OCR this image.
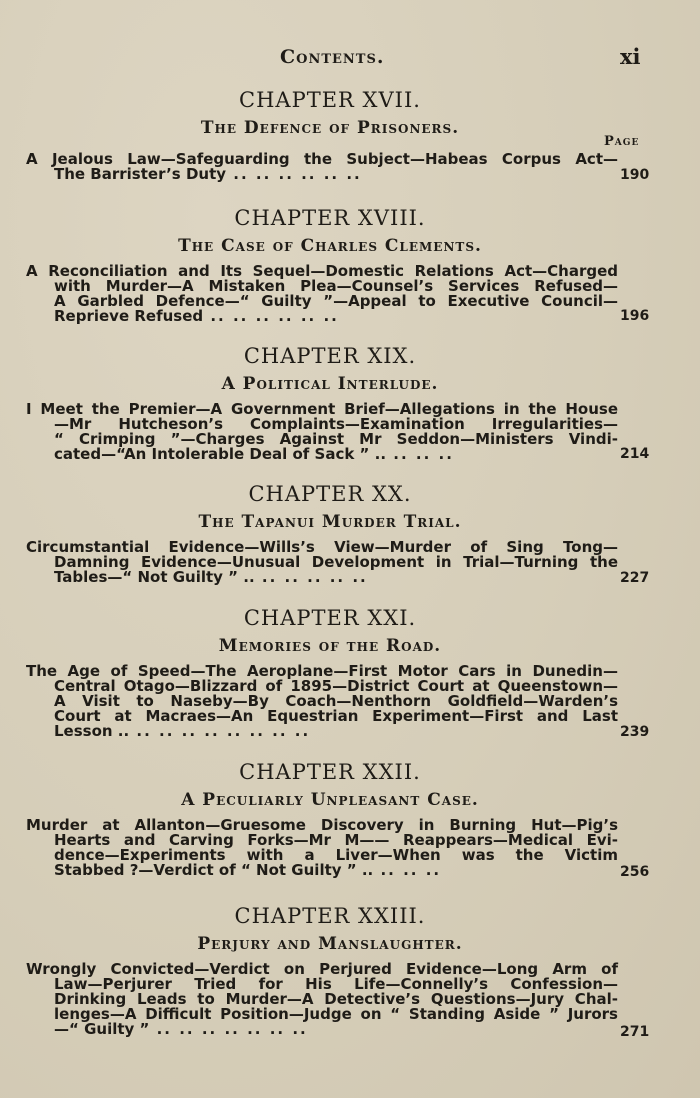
Contents.	xi
Page
CHAPTER XVII.
The Defence of Prisoners.
A Jealous Law—Safeguarding the Subject—Habeas Corpus Act—
The Barrister’s Duty .. .. .. .. .. ..	190
CHAPTER XVIII.
The Case of Charles Clements.
A Reconciliation and Its Sequel—Domestic Relations Act—Charged
with Murder—A Mistaken Plea—Counsel’s Services Refused—
A Garbled Defence—“ Guilty ”—Appeal to Executive Council—
Reprieve Refused .. .. .. .. .. ..	196
CHAPTER XIX.
A Political Interlude.
I Meet the Premier—A Government Brief—Allegations in the House
—Mr Hutcheson’s Complaints—Examination Irregularities—
“ Crimping ”—Charges Against Mr Seddon—Ministers Vindi-
cated—“An Intolerable Deal of Sack ” .. .. .. ..	214
CHAPTER XX.
The Tapanui Murder Trial.
Circumstantial Evidence—Wills’s View—Murder of Sing Tong—
Damning Evidence—Unusual Development in Trial—Turning the
Tables—“ Not Guilty ” .. .. .. .. .. ..	227
CHAPTER XXI.
Memories of the Road.
The Age of Speed—The Aeroplane—First Motor Cars in Dunedin—
Central Otago—Blizzard of 1895—District Court at Queenstown—
A Visit to Naseby—By Coach—Nenthorn Goldfield—Warden’s
Court at Macraes—An Equestrian Experiment—First and Last
Lesson .. .. .. .. .. .. .. .. ..	239
CHAPTER XXII.
A Peculiarly Unpleasant Case.
Murder at Allanton—Gruesome Discovery in Burning Hut—Pig’s
Hearts and Carving Forks—Mr M—— Reappears—Medical Evi-
dence—Experiments with a Liver—When was the Victim
Stabbed ?—Verdict of “ Not Guilty ” .. .. .. ..	256
CHAPTER XXIII.
Perjury and Manslaughter.
Wrongly Convicted—Verdict on Perjured Evidence—Long Arm of
Law—Perjurer Tried for His Life—Connelly’s Confession—
Drinking Leads to Murder—A Detective’s Questions—Jury Chal-
lenges—A Difficult Position—Judge on “ Standing Aside ” Jurors
—“ Guilty ” .. .. .. .. .. .. ..	271
